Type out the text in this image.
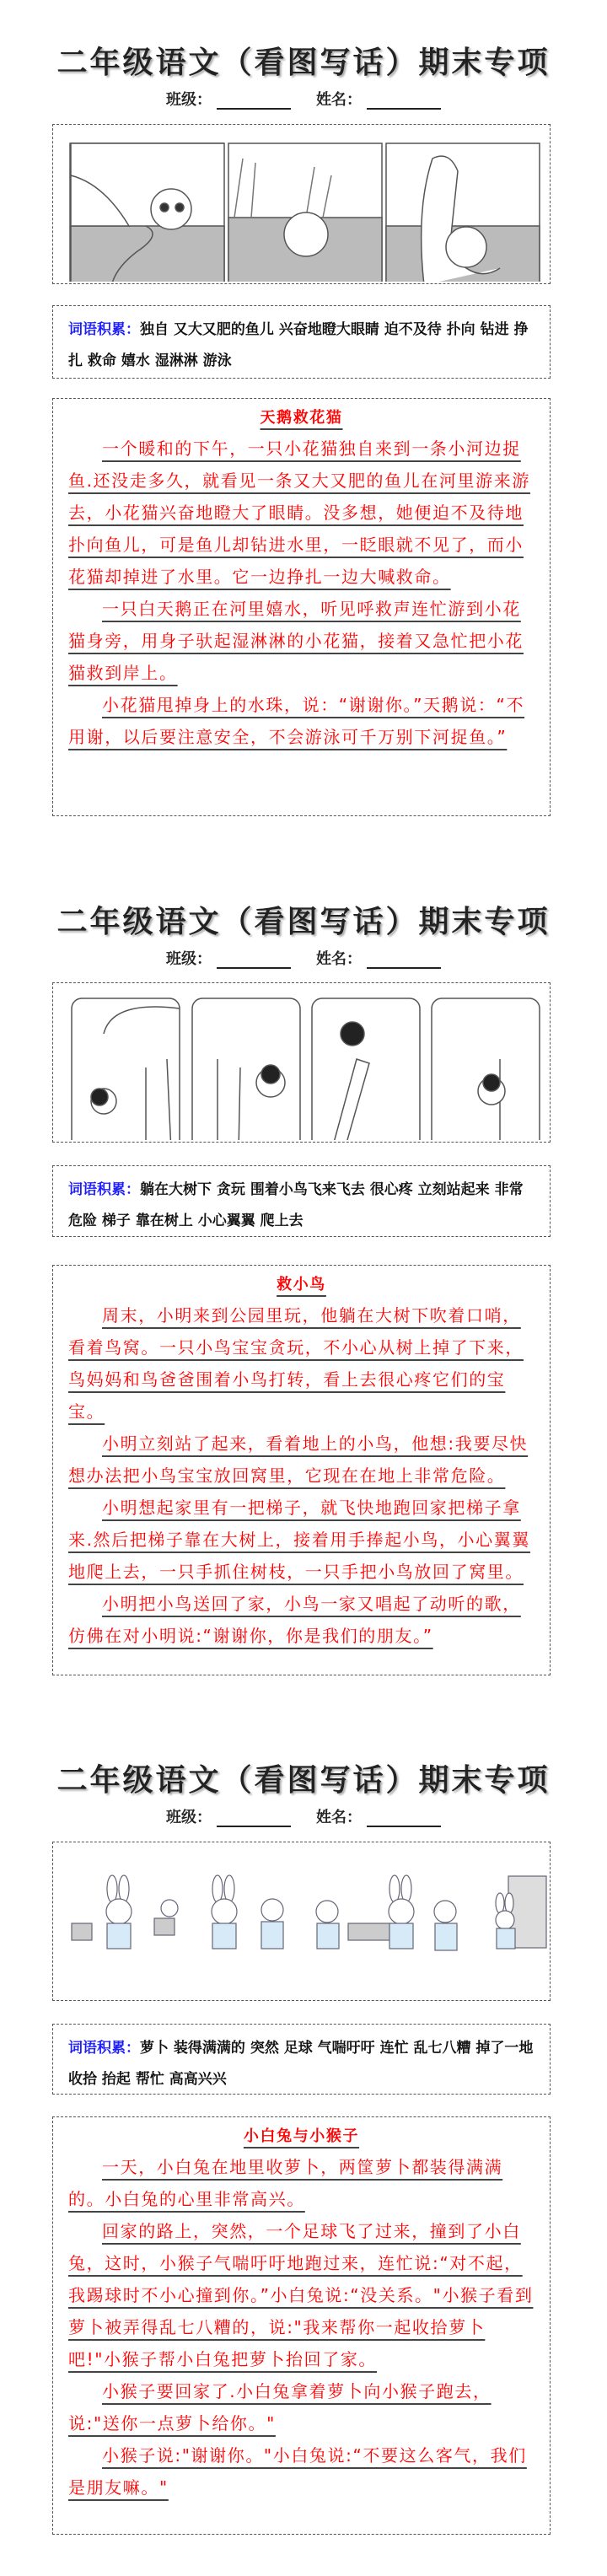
二年级语文（看图写话）期末专项
班级：	姓名：
词语积累：独自 又大又肥的鱼儿 兴奋地瞪大眼睛 迫不及待 扑向 钻进 挣扎 救命 嬉水 湿淋淋 游泳
天鹅救花猫

一个暖和的下午，一只小花猫独自来到一条小河边捉鱼.还没走多久，就看见一条又大又肥的鱼儿在河里游来游去，小花猫兴奋地瞪大了眼睛。没多想，她便迫不及待地扑向鱼儿，可是鱼儿却钻进水里，一眨眼就不见了，而小花猫却掉进了水里。它一边挣扎一边大喊救命。

一只白天鹅正在河里嬉水，听见呼救声连忙游到小花猫身旁，用身子驮起湿淋淋的小花猫，接着又急忙把小花猫救到岸上。

小花猫甩掉身上的水珠，说：“谢谢你。”天鹅说：“不用谢，以后要注意安全，不会游泳可千万别下河捉鱼。”

二年级语文（看图写话）期末专项
班级：	姓名：
词语积累：躺在大树下 贪玩 围着小鸟飞来飞去 很心疼 立刻站起来 非常危险 梯子 靠在树上 小心翼翼 爬上去
救小鸟

周末，小明来到公园里玩，他躺在大树下吹着口哨，看着鸟窝。一只小鸟宝宝贪玩，不小心从树上掉了下来，鸟妈妈和鸟爸爸围着小鸟打转，看上去很心疼它们的宝宝。

小明立刻站了起来，看着地上的小鸟，他想:我要尽快想办法把小鸟宝宝放回窝里，它现在在地上非常危险。

小明想起家里有一把梯子，就飞快地跑回家把梯子拿来.然后把梯子靠在大树上，接着用手捧起小鸟，小心翼翼地爬上去，一只手抓住树枝，一只手把小鸟放回了窝里。

小明把小鸟送回了家，小鸟一家又唱起了动听的歌，仿佛在对小明说:“谢谢你，你是我们的朋友。”

二年级语文（看图写话）期末专项
班级：	姓名：
词语积累：萝卜 装得满满的 突然 足球 气喘吁吁 连忙 乱七八糟 掉了一地 收拾 抬起 帮忙 高高兴兴
小白兔与小猴子

一天，小白兔在地里收萝卜，两筐萝卜都装得满满的。小白兔的心里非常高兴。

回家的路上，突然，一个足球飞了过来，撞到了小白兔，这时，小猴子气喘吁吁地跑过来，连忙说:“对不起，我踢球时不小心撞到你。”小白兔说:“没关系。"小猴子看到萝卜被弄得乱七八糟的，说:"我来帮你一起收拾萝卜吧!"小猴子帮小白兔把萝卜抬回了家。

小猴子要回家了.小白兔拿着萝卜向小猴子跑去，说:"送你一点萝卜给你。"

小猴子说:"谢谢你。"小白兔说:“不要这么客气，我们是朋友嘛。"
